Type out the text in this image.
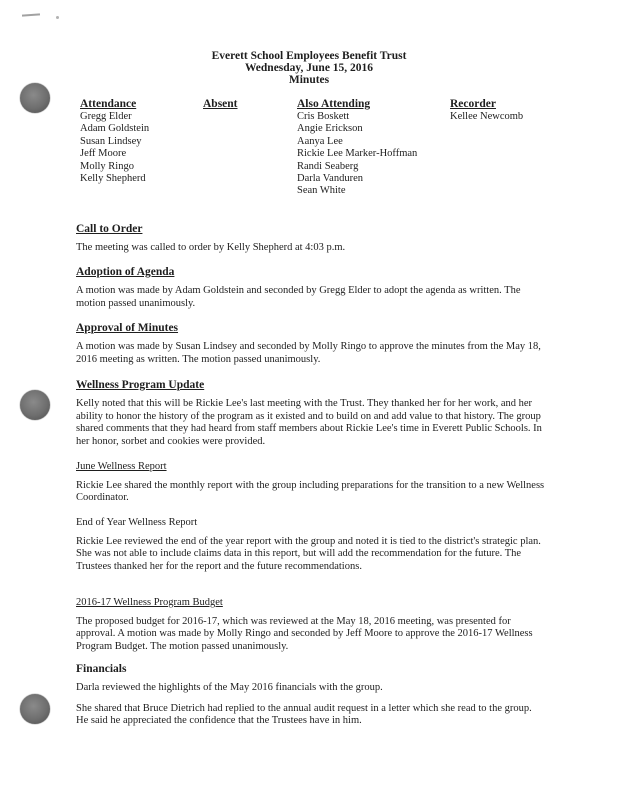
Everett School Employees Benefit Trust
Wednesday, June 15, 2016
Minutes
Attendance
Gregg Elder
Adam Goldstein
Susan Lindsey
Jeff Moore
Molly Ringo
Kelly Shepherd
Absent	Also Attending
Cris Boskett
Angie Erickson
Aanya Lee
Rickie Lee Marker-Hoffman
Randi Seaberg
Darla Vanduren
Sean White
Recorder
Kellee Newcomb
Call to Order

The meeting was called to order by Kelly Shepherd at 4:03 p.m.

Adoption of Agenda

A motion was made by Adam Goldstein and seconded by Gregg Elder to adopt the agenda as written. The motion passed unanimously.

Approval of Minutes

A motion was made by Susan Lindsey and seconded by Molly Ringo to approve the minutes from the May 18, 2016 meeting as written. The motion passed unanimously.

Wellness Program Update

Kelly noted that this will be Rickie Lee's last meeting with the Trust. They thanked her for her work, and her ability to honor the history of the program as it existed and to build on and add value to that history. The group shared comments that they had heard from staff members about Rickie Lee's time in Everett Public Schools. In her honor, sorbet and cookies were provided.

June Wellness Report

Rickie Lee shared the monthly report with the group including preparations for the transition to a new Wellness Coordinator.

End of Year Wellness Report

Rickie Lee reviewed the end of the year report with the group and noted it is tied to the district's strategic plan. She was not able to include claims data in this report, but will add the recommendation for the future. The Trustees thanked her for the report and the future recommendations.

2016-17 Wellness Program Budget

The proposed budget for 2016-17, which was reviewed at the May 18, 2016 meeting, was presented for approval. A motion was made by Molly Ringo and seconded by Jeff Moore to approve the 2016-17 Wellness Program Budget. The motion passed unanimously.

Financials

Darla reviewed the highlights of the May 2016 financials with the group.

She shared that Bruce Dietrich had replied to the annual audit request in a letter which she read to the group. He said he appreciated the confidence that the Trustees have in him.
